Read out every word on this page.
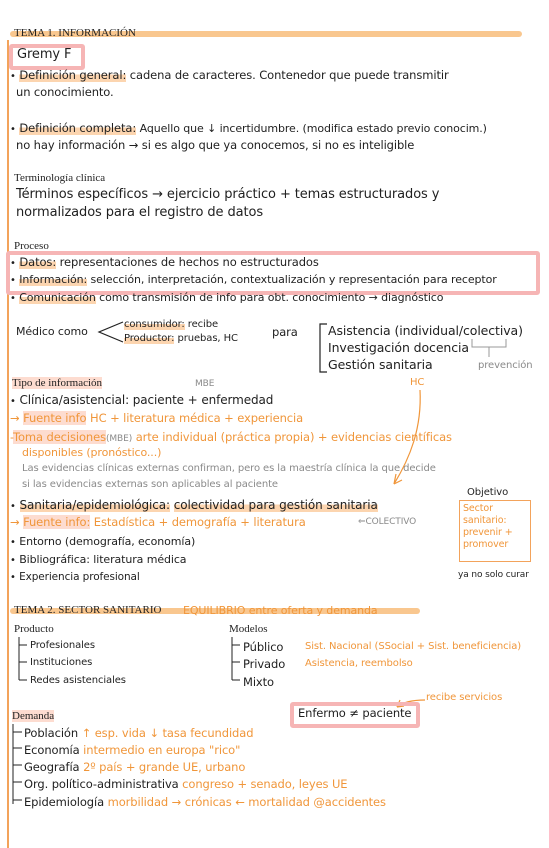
TEMA 1. INFORMACIÓN
Gremy F
• Definición general: cadena de caracteres. Contenedor que puede transmitir
un conocimiento.
• Definición completa: Aquello que ↓ incertidumbre. (modifica estado previo conocim.)
no hay información → si es algo que ya conocemos, si no es inteligible
Terminología clínica
Términos específicos → ejercicio práctico + temas estructurados y
normalizados para el registro de datos
Proceso
• Datos: representaciones de hechos no estructurados
• Información: selección, interpretación, contextualización y representación para receptor
• Comunicación como transmisión de info para obt. conocimiento → diagnóstico
Médico como
consumidor: recibe
Productor: pruebas, HC	para Asistencia (individual/colectiva)
Investigación docencia
Gestión sanitaria	prevención
Tipo de información	MBE	HC
• Clínica/asistencial: paciente + enfermedad
→ Fuente info HC + literatura médica + experiencia
-Toma decisiones(MBE) arte individual (práctica propia) + evidencias científicas
disponibles (pronóstico...)
Las evidencias clínicas externas confirman, pero es la maestría clínica la que decide
si las evidencias externas son aplicables al paciente
• Sanitaria/epidemiológica: colectividad para gestión sanitaria
→ Fuente info: Estadística + demografía + literatura	⇐COLECTIVO
Objetivo
Sector sanitario: prevenir + promover
ya no solo curar
• Entorno (demografía, economía)
• Bibliográfica: literatura médica
• Experiencia profesional
TEMA 2. SECTOR SANITARIO EQUILIBRIO entre oferta y demanda
Producto
Profesionales
Instituciones
Redes asistenciales
Modelos
Público Sist. Nacional (SSocial + Sist. beneficiencia)
Privado Asistencia, reembolso
Mixto
recibe servicios
Enfermo ≠ paciente
Demanda
Población ↑ esp. vida ↓ tasa fecundidad
Economía intermedio en europa "rico"
Geografía 2º país + grande UE, urbano
Org. político-administrativa congreso + senado, leyes UE
Epidemiología morbilidad → crónicas ← mortalidad @accidentes
